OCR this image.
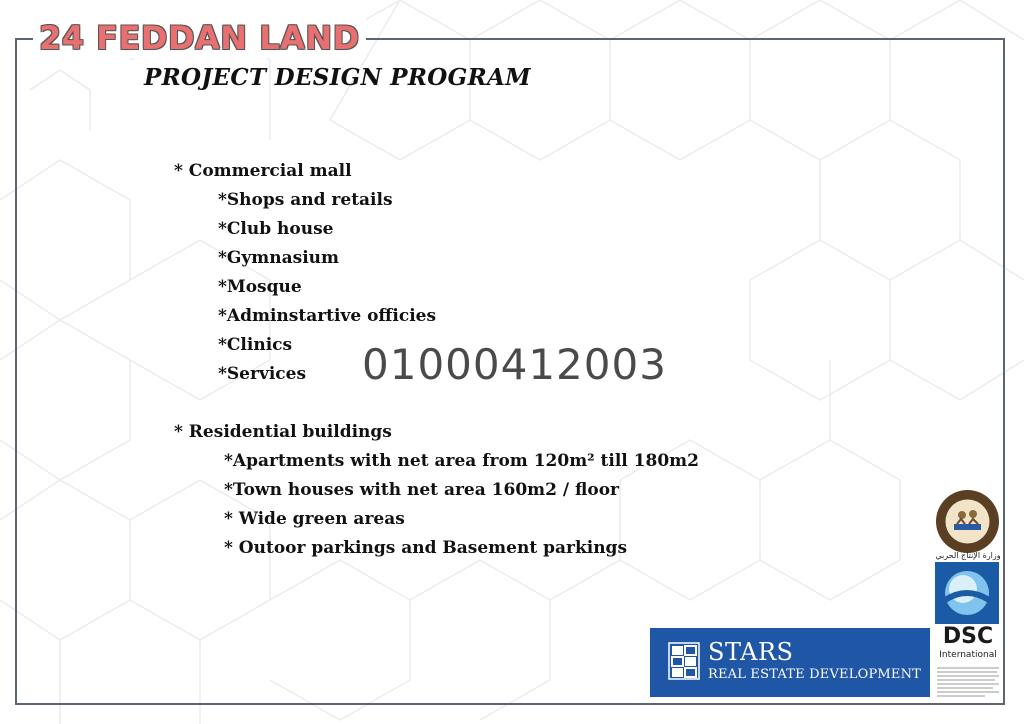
24 FEDDAN LAND
PROJECT DESIGN PROGRAM
* Commercial mall
*Shops and retails
*Club house
*Gymnasium
*Mosque
*Adminstartive officies
*Clinics
*Services 01000412003
* Residential buildings
*Apartments with net area from 120m² till 180m2
*Town houses with net area 160m2 / floor
* Wide green areas
* Outoor parkings and Basement parkings	وزارة الإنتاج الحربي
DSC
International
STARS
REAL ESTATE DEVELOPMENT
